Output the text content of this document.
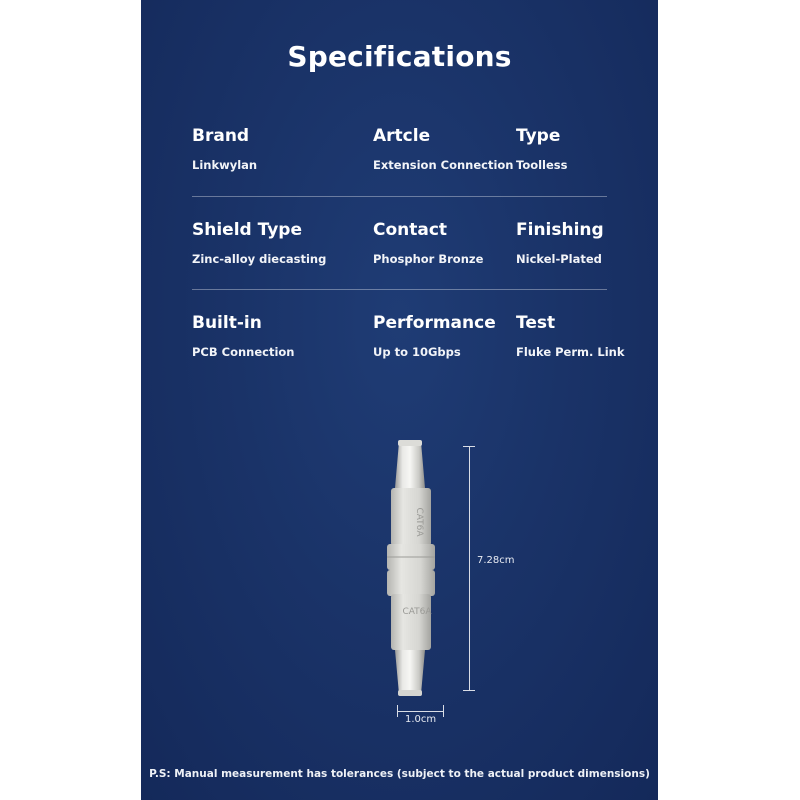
Specifications
Brand
Linkwylan
Artcle
Extension Connection
Type
Toolless
Shield Type
Zinc-alloy diecasting
Contact
Phosphor Bronze
Finishing
Nickel-Plated
Built-in
PCB Connection
Performance
Up to 10Gbps
Test
Fluke Perm. Link
CAT6A
CAT6A
7.28cm
1.0cm
P.S: Manual measurement has tolerances (subject to the actual product dimensions)
